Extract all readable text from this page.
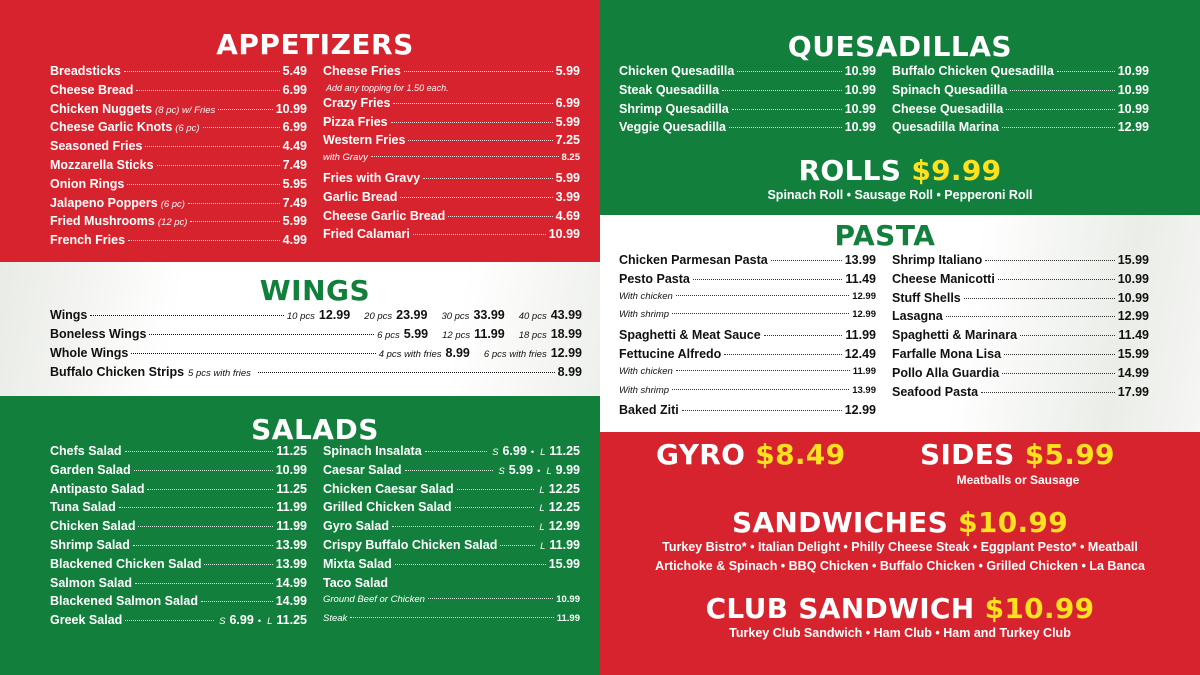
APPETIZERS
Breadsticks	5.49
Cheese Bread	6.99
Chicken Nuggets (8 pc) w/ Fries	10.99
Cheese Garlic Knots (6 pc)	6.99
Seasoned Fries	4.49
Mozzarella Sticks	7.49
Onion Rings	5.95
Jalapeno Poppers (6 pc)	7.49
Fried Mushrooms (12 pc)	5.99
French Fries	4.99
Cheese Fries	5.99
Add any topping for 1.50 each.
Crazy Fries	6.99
Pizza Fries	5.99
Western Fries	7.25
with Gravy	8.25
Fries with Gravy	5.99
Garlic Bread	3.99
Cheese Garlic Bread	4.69
Fried Calamari	10.99
WINGS
Wings	10 pcs 12.99 20 pcs 23.99 30 pcs 33.99 40 pcs 43.99
Boneless Wings	6 pcs 5.99 12 pcs 11.99 18 pcs 18.99
Whole Wings	4 pcs with fries 8.99 6 pcs with fries 12.99
Buffalo Chicken Strips 5 pcs with fries	8.99
SALADS
Chefs Salad	11.25
Garden Salad	10.99
Antipasto Salad	11.25
Tuna Salad	11.99
Chicken Salad	11.99
Shrimp Salad	13.99
Blackened Chicken Salad	13.99
Salmon Salad	14.99
Blackened Salmon Salad	14.99
Greek Salad	S 6.99 • L 11.25
Spinach Insalata	S 6.99 • L 11.25
Caesar Salad	S 5.99 • L 9.99
Chicken Caesar Salad	L 12.25
Grilled Chicken Salad	L 12.25
Gyro Salad	L 12.99
Crispy Buffalo Chicken Salad	L 11.99
Mixta Salad	15.99
Taco Salad
Ground Beef or Chicken	10.99
Steak	11.99
QUESADILLAS
Chicken Quesadilla	10.99
Steak Quesadilla	10.99
Shrimp Quesadilla	10.99
Veggie Quesadilla	10.99
Buffalo Chicken Quesadilla	10.99
Spinach Quesadilla	10.99
Cheese Quesadilla	10.99
Quesadilla Marina	12.99
ROLLS $9.99
Spinach Roll • Sausage Roll • Pepperoni Roll
PASTA
Chicken Parmesan Pasta	13.99
Pesto Pasta	11.49
With chicken	12.99
With shrimp	12.99
Spaghetti & Meat Sauce	11.99
Fettucine Alfredo	12.49
With chicken	11.99
With shrimp	13.99
Baked Ziti	12.99
Shrimp Italiano	15.99
Cheese Manicotti	10.99
Stuff Shells	10.99
Lasagna	12.99
Spaghetti & Marinara	11.49
Farfalle Mona Lisa	15.99
Pollo Alla Guardia	14.99
Seafood Pasta	17.99
GYRO $8.49	SIDES $5.99
Meatballs or Sausage
SANDWICHES $10.99
Turkey Bistro* • Italian Delight • Philly Cheese Steak • Eggplant Pesto* • Meatball
Artichoke & Spinach • BBQ Chicken • Buffalo Chicken • Grilled Chicken • La Banca
CLUB SANDWICH $10.99
Turkey Club Sandwich • Ham Club • Ham and Turkey Club
